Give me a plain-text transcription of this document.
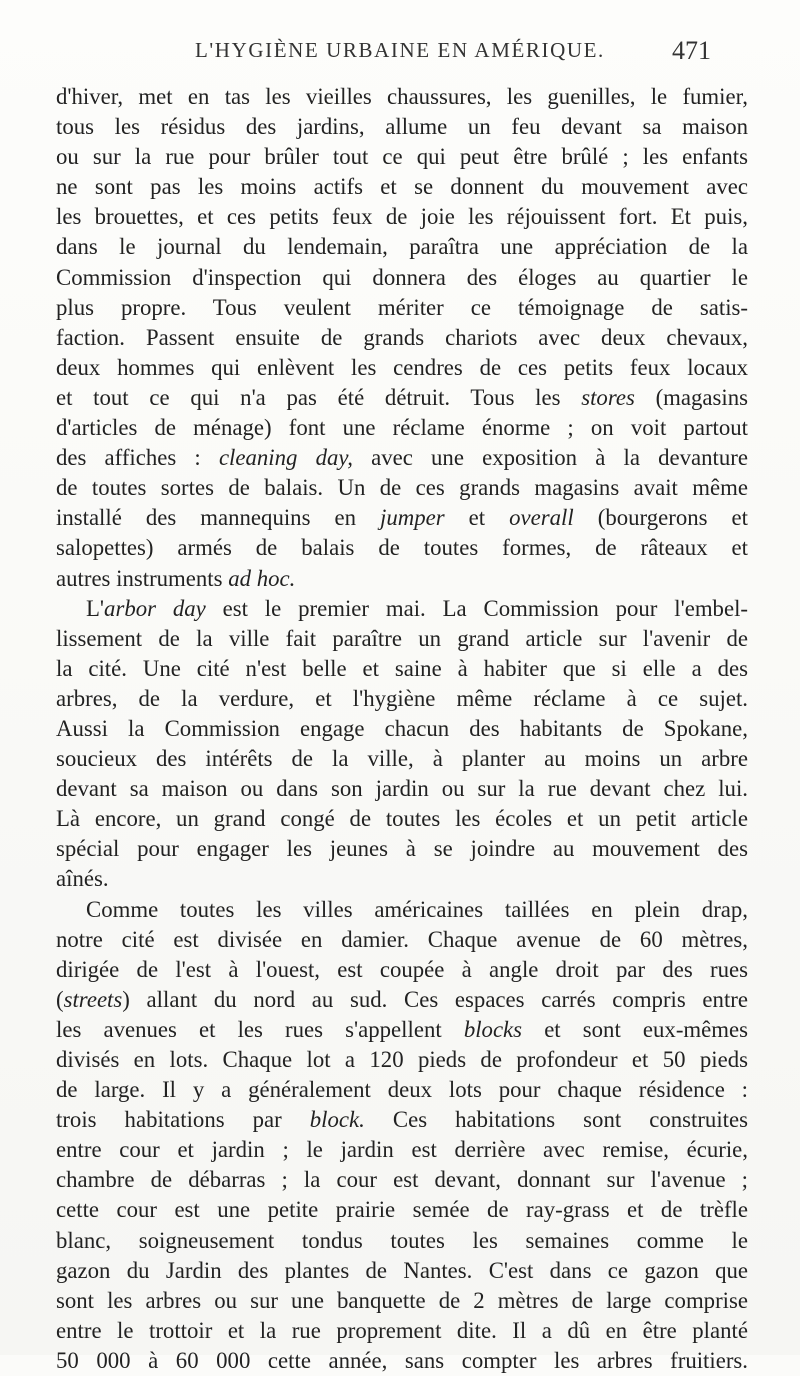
L'HYGIÈNE URBAINE EN AMÉRIQUE.	471
d'hiver, met en tas les vieilles chaussures, les guenilles, le fumier,
tous les résidus des jardins, allume un feu devant sa maison
ou sur la rue pour brûler tout ce qui peut être brûlé ; les enfants
ne sont pas les moins actifs et se donnent du mouvement avec
les brouettes, et ces petits feux de joie les réjouissent fort. Et puis,
dans le journal du lendemain, paraîtra une appréciation de la
Commission d'inspection qui donnera des éloges au quartier le
plus propre. Tous veulent mériter ce témoignage de satis-
faction. Passent ensuite de grands chariots avec deux chevaux,
deux hommes qui enlèvent les cendres de ces petits feux locaux
et tout ce qui n'a pas été détruit. Tous les stores (magasins
d'articles de ménage) font une réclame énorme ; on voit partout
des affiches : cleaning day, avec une exposition à la devanture
de toutes sortes de balais. Un de ces grands magasins avait même
installé des mannequins en jumper et overall (bourgerons et
salopettes) armés de balais de toutes formes, de râteaux et
autres instruments ad hoc.
L'arbor day est le premier mai. La Commission pour l'embel-
lissement de la ville fait paraître un grand article sur l'avenir de
la cité. Une cité n'est belle et saine à habiter que si elle a des
arbres, de la verdure, et l'hygiène même réclame à ce sujet.
Aussi la Commission engage chacun des habitants de Spokane,
soucieux des intérêts de la ville, à planter au moins un arbre
devant sa maison ou dans son jardin ou sur la rue devant chez lui.
Là encore, un grand congé de toutes les écoles et un petit article
spécial pour engager les jeunes à se joindre au mouvement des
aînés.
Comme toutes les villes américaines taillées en plein drap,
notre cité est divisée en damier. Chaque avenue de 60 mètres,
dirigée de l'est à l'ouest, est coupée à angle droit par des rues
(streets) allant du nord au sud. Ces espaces carrés compris entre
les avenues et les rues s'appellent blocks et sont eux-mêmes
divisés en lots. Chaque lot a 120 pieds de profondeur et 50 pieds
de large. Il y a généralement deux lots pour chaque résidence :
trois habitations par block. Ces habitations sont construites
entre cour et jardin ; le jardin est derrière avec remise, écurie,
chambre de débarras ; la cour est devant, donnant sur l'avenue ;
cette cour est une petite prairie semée de ray-grass et de trèfle
blanc, soigneusement tondus toutes les semaines comme le
gazon du Jardin des plantes de Nantes. C'est dans ce gazon que
sont les arbres ou sur une banquette de 2 mètres de large comprise
entre le trottoir et la rue proprement dite. Il a dû en être planté
50 000 à 60 000 cette année, sans compter les arbres fruitiers.
